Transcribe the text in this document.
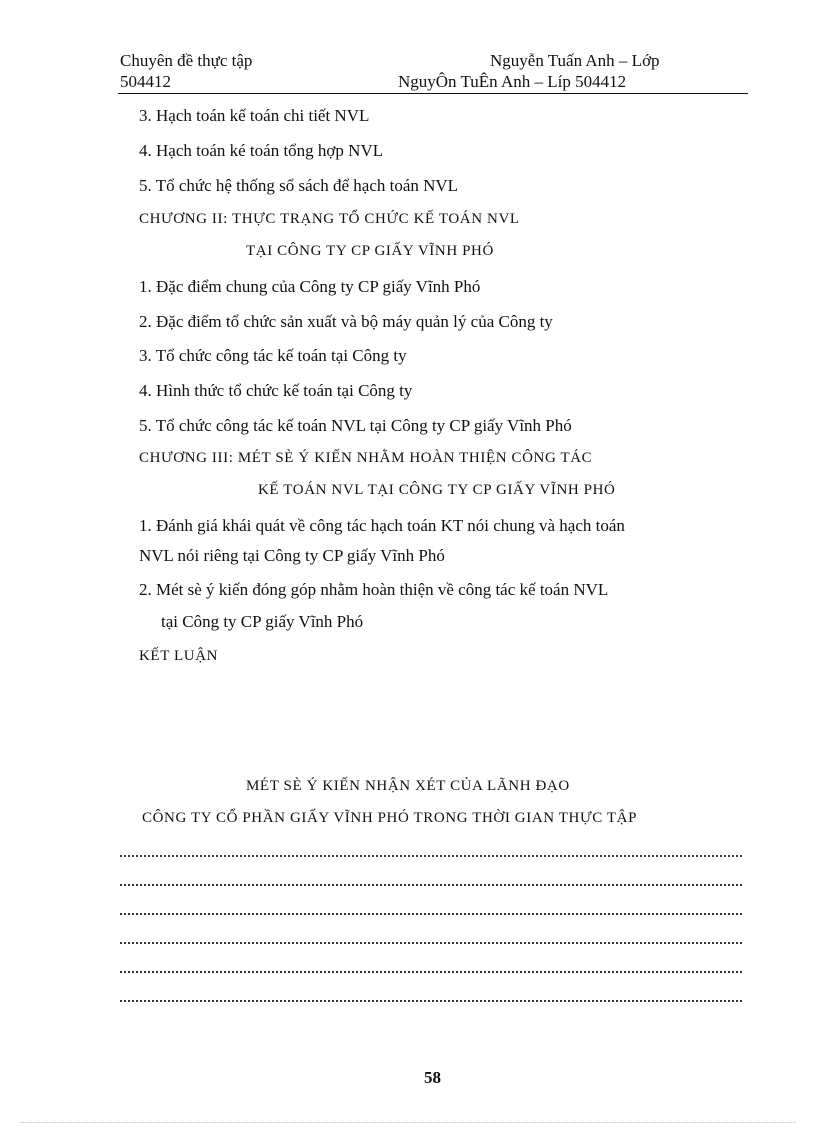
Chuyên đề thực tập
504412
Nguyễn Tuấn Anh – Lớp
NguyÔn TuÊn Anh – Líp 504412
3. Hạch toán kế toán chi tiết NVL
4. Hạch toán ké toán tổng hợp NVL
5. Tổ chức hệ thống sổ sách để hạch toán NVL
CHƯƠNG II: THỰC TRẠNG TỔ CHỨC KẾ TOÁN NVL
TẠI CÔNG TY CP GIẤY VĨNH PHÓ
1. Đặc điểm chung của Công ty CP giấy Vĩnh Phó
2. Đặc điểm tổ chức sản xuất và bộ máy quản lý của Công ty
3. Tổ chức công tác kế toán tại Công ty
4. Hình thức tổ chức kế toán tại Công ty
5. Tổ chức công tác kế toán NVL tại Công ty CP giấy Vĩnh Phó
CHƯƠNG III: MÉT SÈ Ý KIẾN NHẰM HOÀN THIỆN CÔNG TÁC
KẾ TOÁN NVL TẠI CÔNG TY CP GIẤY VĨNH PHÓ
1. Đánh giá khái quát về công tác hạch toán KT nói chung và hạch toán
NVL nói riêng tại Công ty CP giấy Vĩnh Phó
2. Mét sè ý kiến đóng góp nhằm hoàn thiện về công tác kế toán NVL
tại Công ty CP giấy Vĩnh Phó
KẾT LUẬN
MÉT SÈ Ý KIẾN NHẬN XÉT CỦA LÃNH ĐẠO
CÔNG TY CỔ PHẦN GIẤY VĨNH PHÓ TRONG THỜI GIAN THỰC TẬP
58
